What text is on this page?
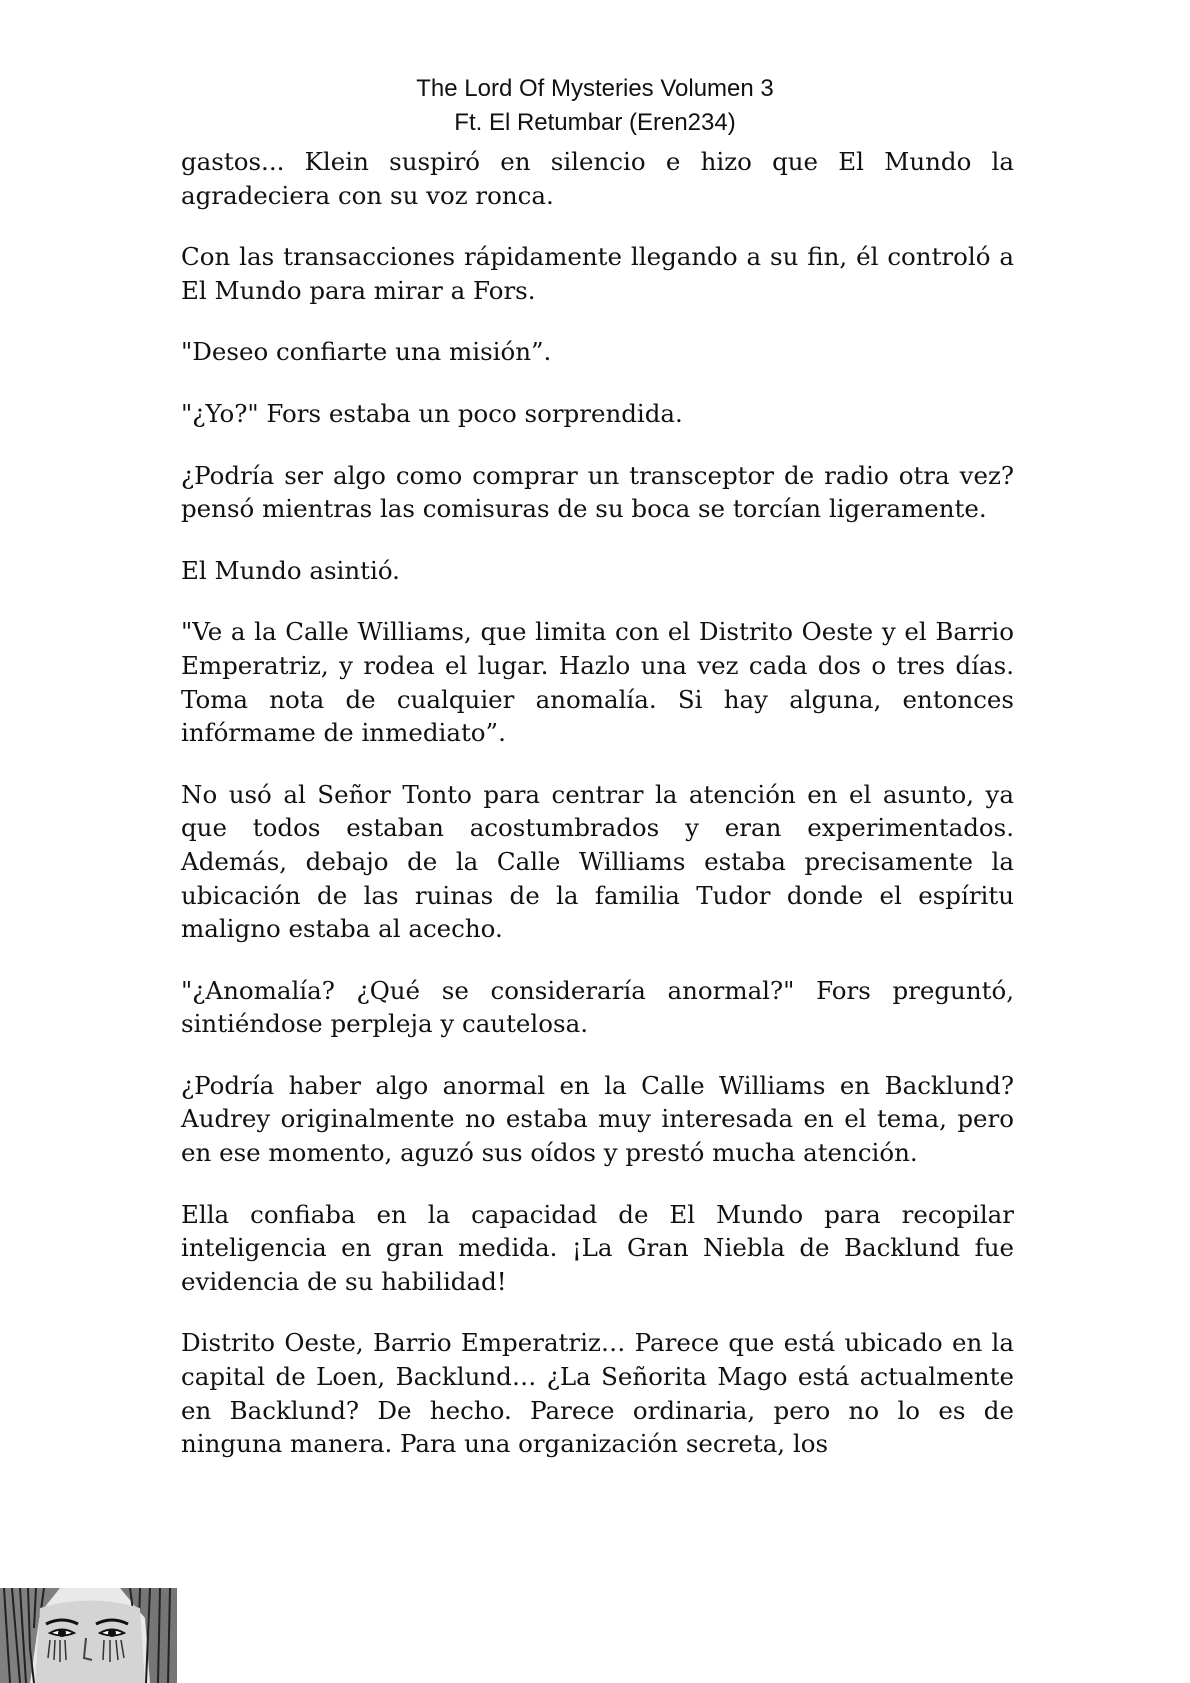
The Lord Of Mysteries Volumen 3
Ft. El Retumbar (Eren234)

gastos... Klein suspiró en silencio e hizo que El Mundo la agradeciera con su voz ronca.

Con las transacciones rápidamente llegando a su fin, él controló a El Mundo para mirar a Fors.

"Deseo confiarte una misión”.

"¿Yo?" Fors estaba un poco sorprendida.

¿Podría ser algo como comprar un transceptor de radio otra vez? pensó mientras las comisuras de su boca se torcían ligeramente.

El Mundo asintió.

"Ve a la Calle Williams, que limita con el Distrito Oeste y el Barrio Emperatriz, y rodea el lugar. Hazlo una vez cada dos o tres días. Toma nota de cualquier anomalía. Si hay alguna, entonces infórmame de inmediato”.

No usó al Señor Tonto para centrar la atención en el asunto, ya que todos estaban acostumbrados y eran experimentados. Además, debajo de la Calle Williams estaba precisamente la ubicación de las ruinas de la familia Tudor donde el espíritu maligno estaba al acecho.

"¿Anomalía? ¿Qué se consideraría anormal?" Fors preguntó, sintiéndose perpleja y cautelosa.

¿Podría haber algo anormal en la Calle Williams en Backlund? Audrey originalmente no estaba muy interesada en el tema, pero en ese momento, aguzó sus oídos y prestó mucha atención.

Ella confiaba en la capacidad de El Mundo para recopilar inteligencia en gran medida. ¡La Gran Niebla de Backlund fue evidencia de su habilidad!

Distrito Oeste, Barrio Emperatriz… Parece que está ubicado en la capital de Loen, Backlund… ¿La Señorita Mago está actualmente en Backlund? De hecho. Parece ordinaria, pero no lo es de ninguna manera. Para una organización secreta, los
